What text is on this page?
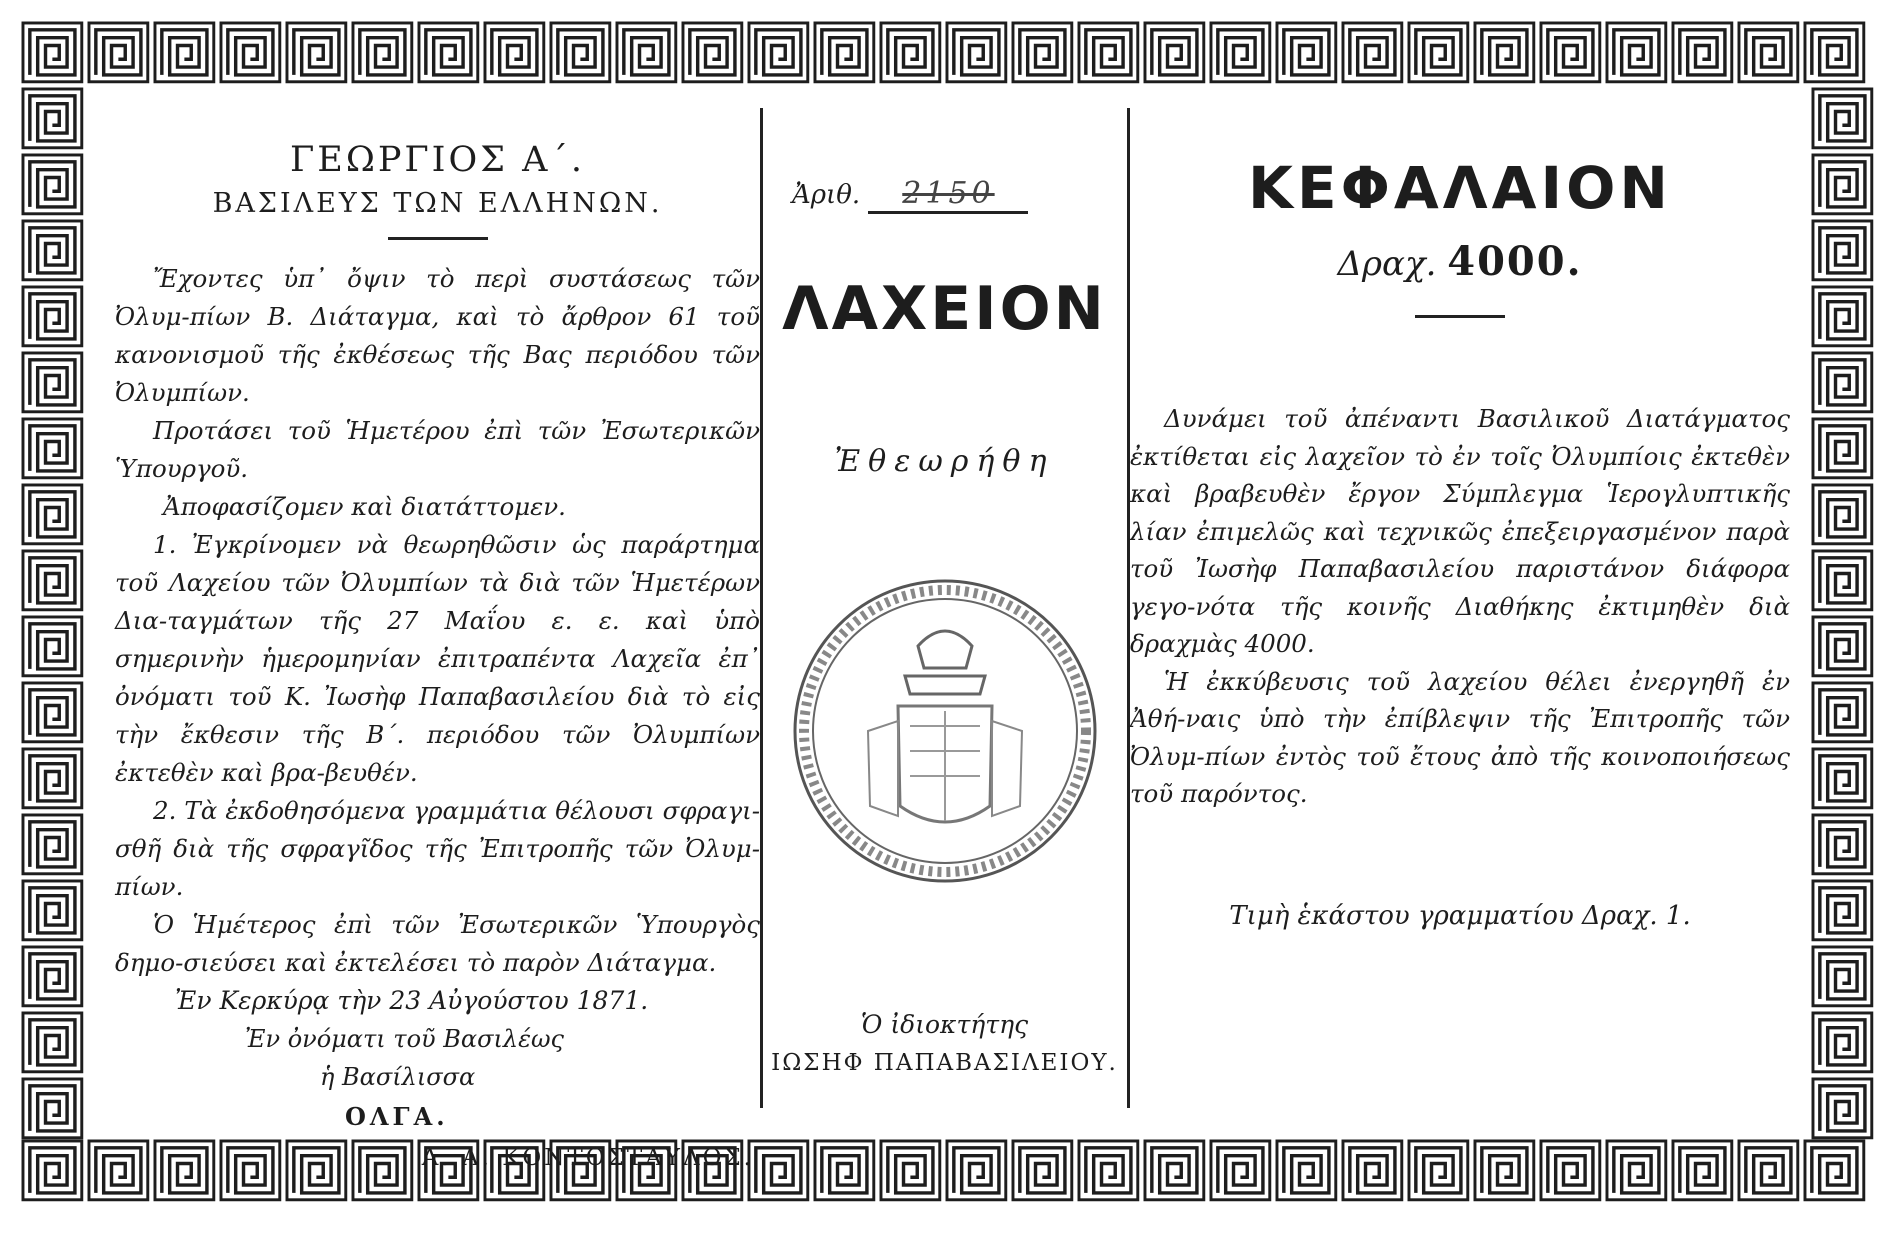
ΓΕΩΡΓΙΟΣ Α΄.
ΒΑΣΙΛΕΥΣ ΤΩΝ ΕΛΛΗΝΩΝ.

Ἔχοντες ὑπ᾽ ὄψιν τὸ περὶ συστάσεως τῶν Ὀλυμ-πίων Β. Διάταγμα, καὶ τὸ ἄρθρον 61 τοῦ κανονισμοῦ τῆς ἐκθέσεως τῆς Βας περιόδου τῶν Ὀλυμπίων.

Προτάσει τοῦ Ἡμετέρου ἐπὶ τῶν Ἐσωτερικῶν Ὑπουργοῦ.

Ἀποφασίζομεν καὶ διατάττομεν.

1. Ἐγκρίνομεν νὰ θεωρηθῶσιν ὡς παράρτημα τοῦ Λαχείου τῶν Ὀλυμπίων τὰ διὰ τῶν Ἡμετέρων Δια-ταγμάτων τῆς 27 Μαΐου ε. ε. καὶ ὑπὸ σημερινὴν ἡμερομηνίαν ἐπιτραπέντα Λαχεῖα ἐπ᾽ ὀνόματι τοῦ Κ. Ἰωσὴφ Παπαβασιλείου διὰ τὸ εἰς τὴν ἔκθεσιν τῆς Β΄. περιόδου τῶν Ὀλυμπίων ἐκτεθὲν καὶ βρα-βευθέν.

2. Τὰ ἐκδοθησόμενα γραμμάτια θέλουσι σφραγι-σθῆ διὰ τῆς σφραγῖδος τῆς Ἐπιτροπῆς τῶν Ὀλυμ-πίων.

Ὁ Ἡμέτερος ἐπὶ τῶν Ἐσωτερικῶν Ὑπουργὸς δημο-σιεύσει καὶ ἐκτελέσει τὸ παρὸν Διάταγμα.

Ἐν Κερκύρᾳ τὴν 23 Αὐγούστου 1871.
Ἐν ὀνόματι τοῦ Βασιλέως
ἡ Βασίλισσα
ΟΛΓΑ.
Α. Α. ΚΟΝΤΟΣΤΑΥΛΟΣ.
Ἀριθ. 2150
ΛΑΧΕΙΟΝ
Ἐθεωρήθη
Ὁ ἰδιοκτήτης
ΙΩΣΗΦ ΠΑΠΑΒΑΣΙΛΕΙΟΥ.
ΚΕΦΑΛΑΙΟΝ
Δραχ. 4000.

Δυνάμει τοῦ ἀπέναντι Βασιλικοῦ Διατάγματος ἐκτίθεται εἰς λαχεῖον τὸ ἐν τοῖς Ὀλυμπίοις ἐκτεθὲν καὶ βραβευθὲν ἔργον Σύμπλεγμα Ἱερογλυπτικῆς λίαν ἐπιμελῶς καὶ τεχνικῶς ἐπεξειργασμένον παρὰ τοῦ Ἰωσὴφ Παπαβασιλείου παριστάνον διάφορα γεγο-νότα τῆς κοινῆς Διαθήκης ἐκτιμηθὲν διὰ δραχμὰς 4000.

Ἡ ἐκκύβευσις τοῦ λαχείου θέλει ἐνεργηθῆ ἐν Ἀθή-ναις ὑπὸ τὴν ἐπίβλεψιν τῆς Ἐπιτροπῆς τῶν Ὀλυμ-πίων ἐντὸς τοῦ ἔτους ἀπὸ τῆς κοινοποιήσεως τοῦ παρόντος.

Τιμὴ ἑκάστου γραμματίου Δραχ. 1.
